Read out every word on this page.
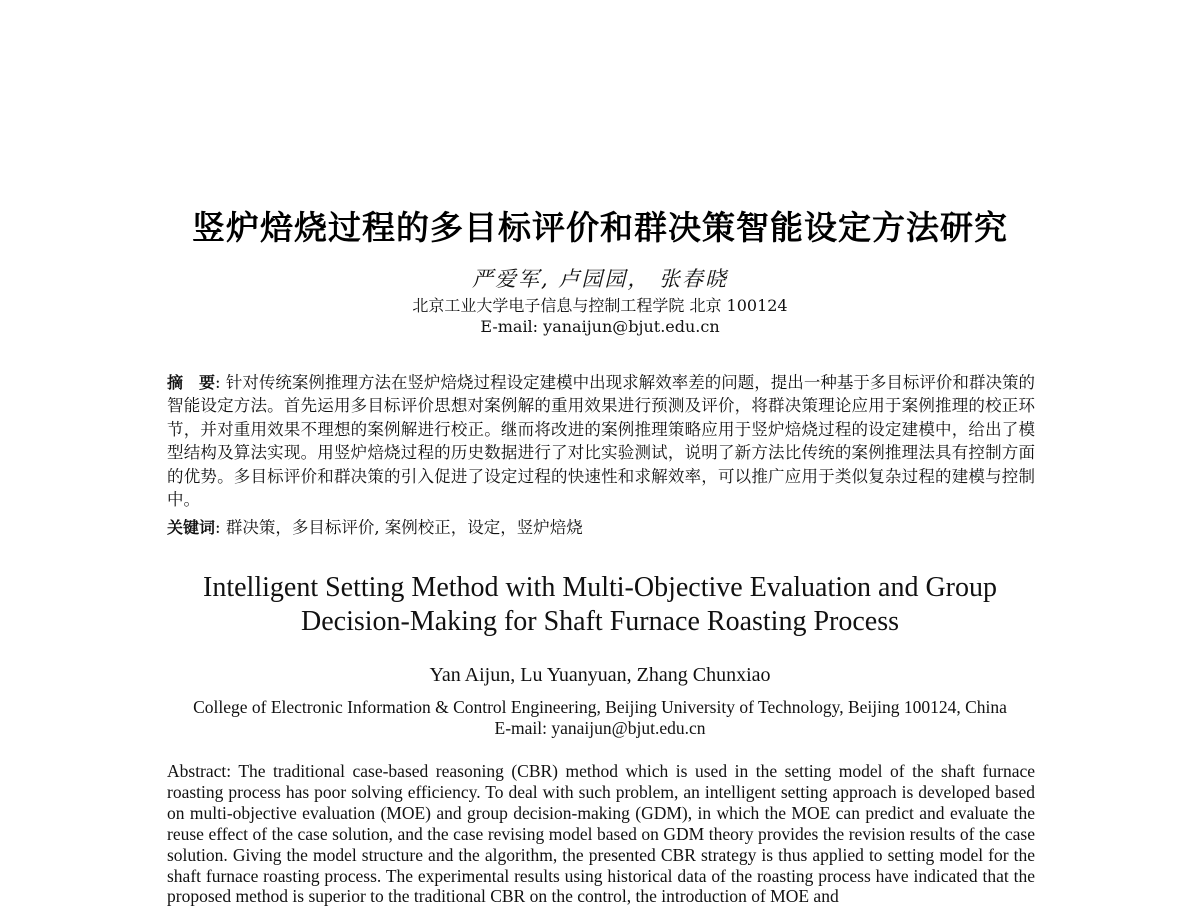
竖炉焙烧过程的多目标评价和群决策智能设定方法研究
严爱军, 卢园园， 张春晓
北京工业大学电子信息与控制工程学院 北京 100124
E-mail: yanaijun@bjut.edu.cn
摘　要: 针对传统案例推理方法在竖炉焙烧过程设定建模中出现求解效率差的问题，提出一种基于多目标评价和群决策的智能设定方法。首先运用多目标评价思想对案例解的重用效果进行预测及评价，将群决策理论应用于案例推理的校正环节，并对重用效果不理想的案例解进行校正。继而将改进的案例推理策略应用于竖炉焙烧过程的设定建模中，给出了模型结构及算法实现。用竖炉焙烧过程的历史数据进行了对比实验测试，说明了新方法比传统的案例推理法具有控制方面的优势。多目标评价和群决策的引入促进了设定过程的快速性和求解效率，可以推广应用于类似复杂过程的建模与控制中。
关键词: 群决策，多目标评价, 案例校正，设定，竖炉焙烧
Intelligent Setting Method with Multi-Objective Evaluation and Group
Decision-Making for Shaft Furnace Roasting Process
Yan Aijun, Lu Yuanyuan, Zhang Chunxiao
College of Electronic Information & Control Engineering, Beijing University of Technology, Beijing 100124, China
E-mail: yanaijun@bjut.edu.cn
Abstract: The traditional case-based reasoning (CBR) method which is used in the setting model of the shaft furnace roasting process has poor solving efficiency. To deal with such problem, an intelligent setting approach is developed based on multi-objective evaluation (MOE) and group decision-making (GDM), in which the MOE can predict and evaluate the reuse effect of the case solution, and the case revising model based on GDM theory provides the revision results of the case solution. Giving the model structure and the algorithm, the presented CBR strategy is thus applied to setting model for the shaft furnace roasting process. The experimental results using historical data of the roasting process have indicated that the proposed method is superior to the traditional CBR on the control, the introduction of MOE and
